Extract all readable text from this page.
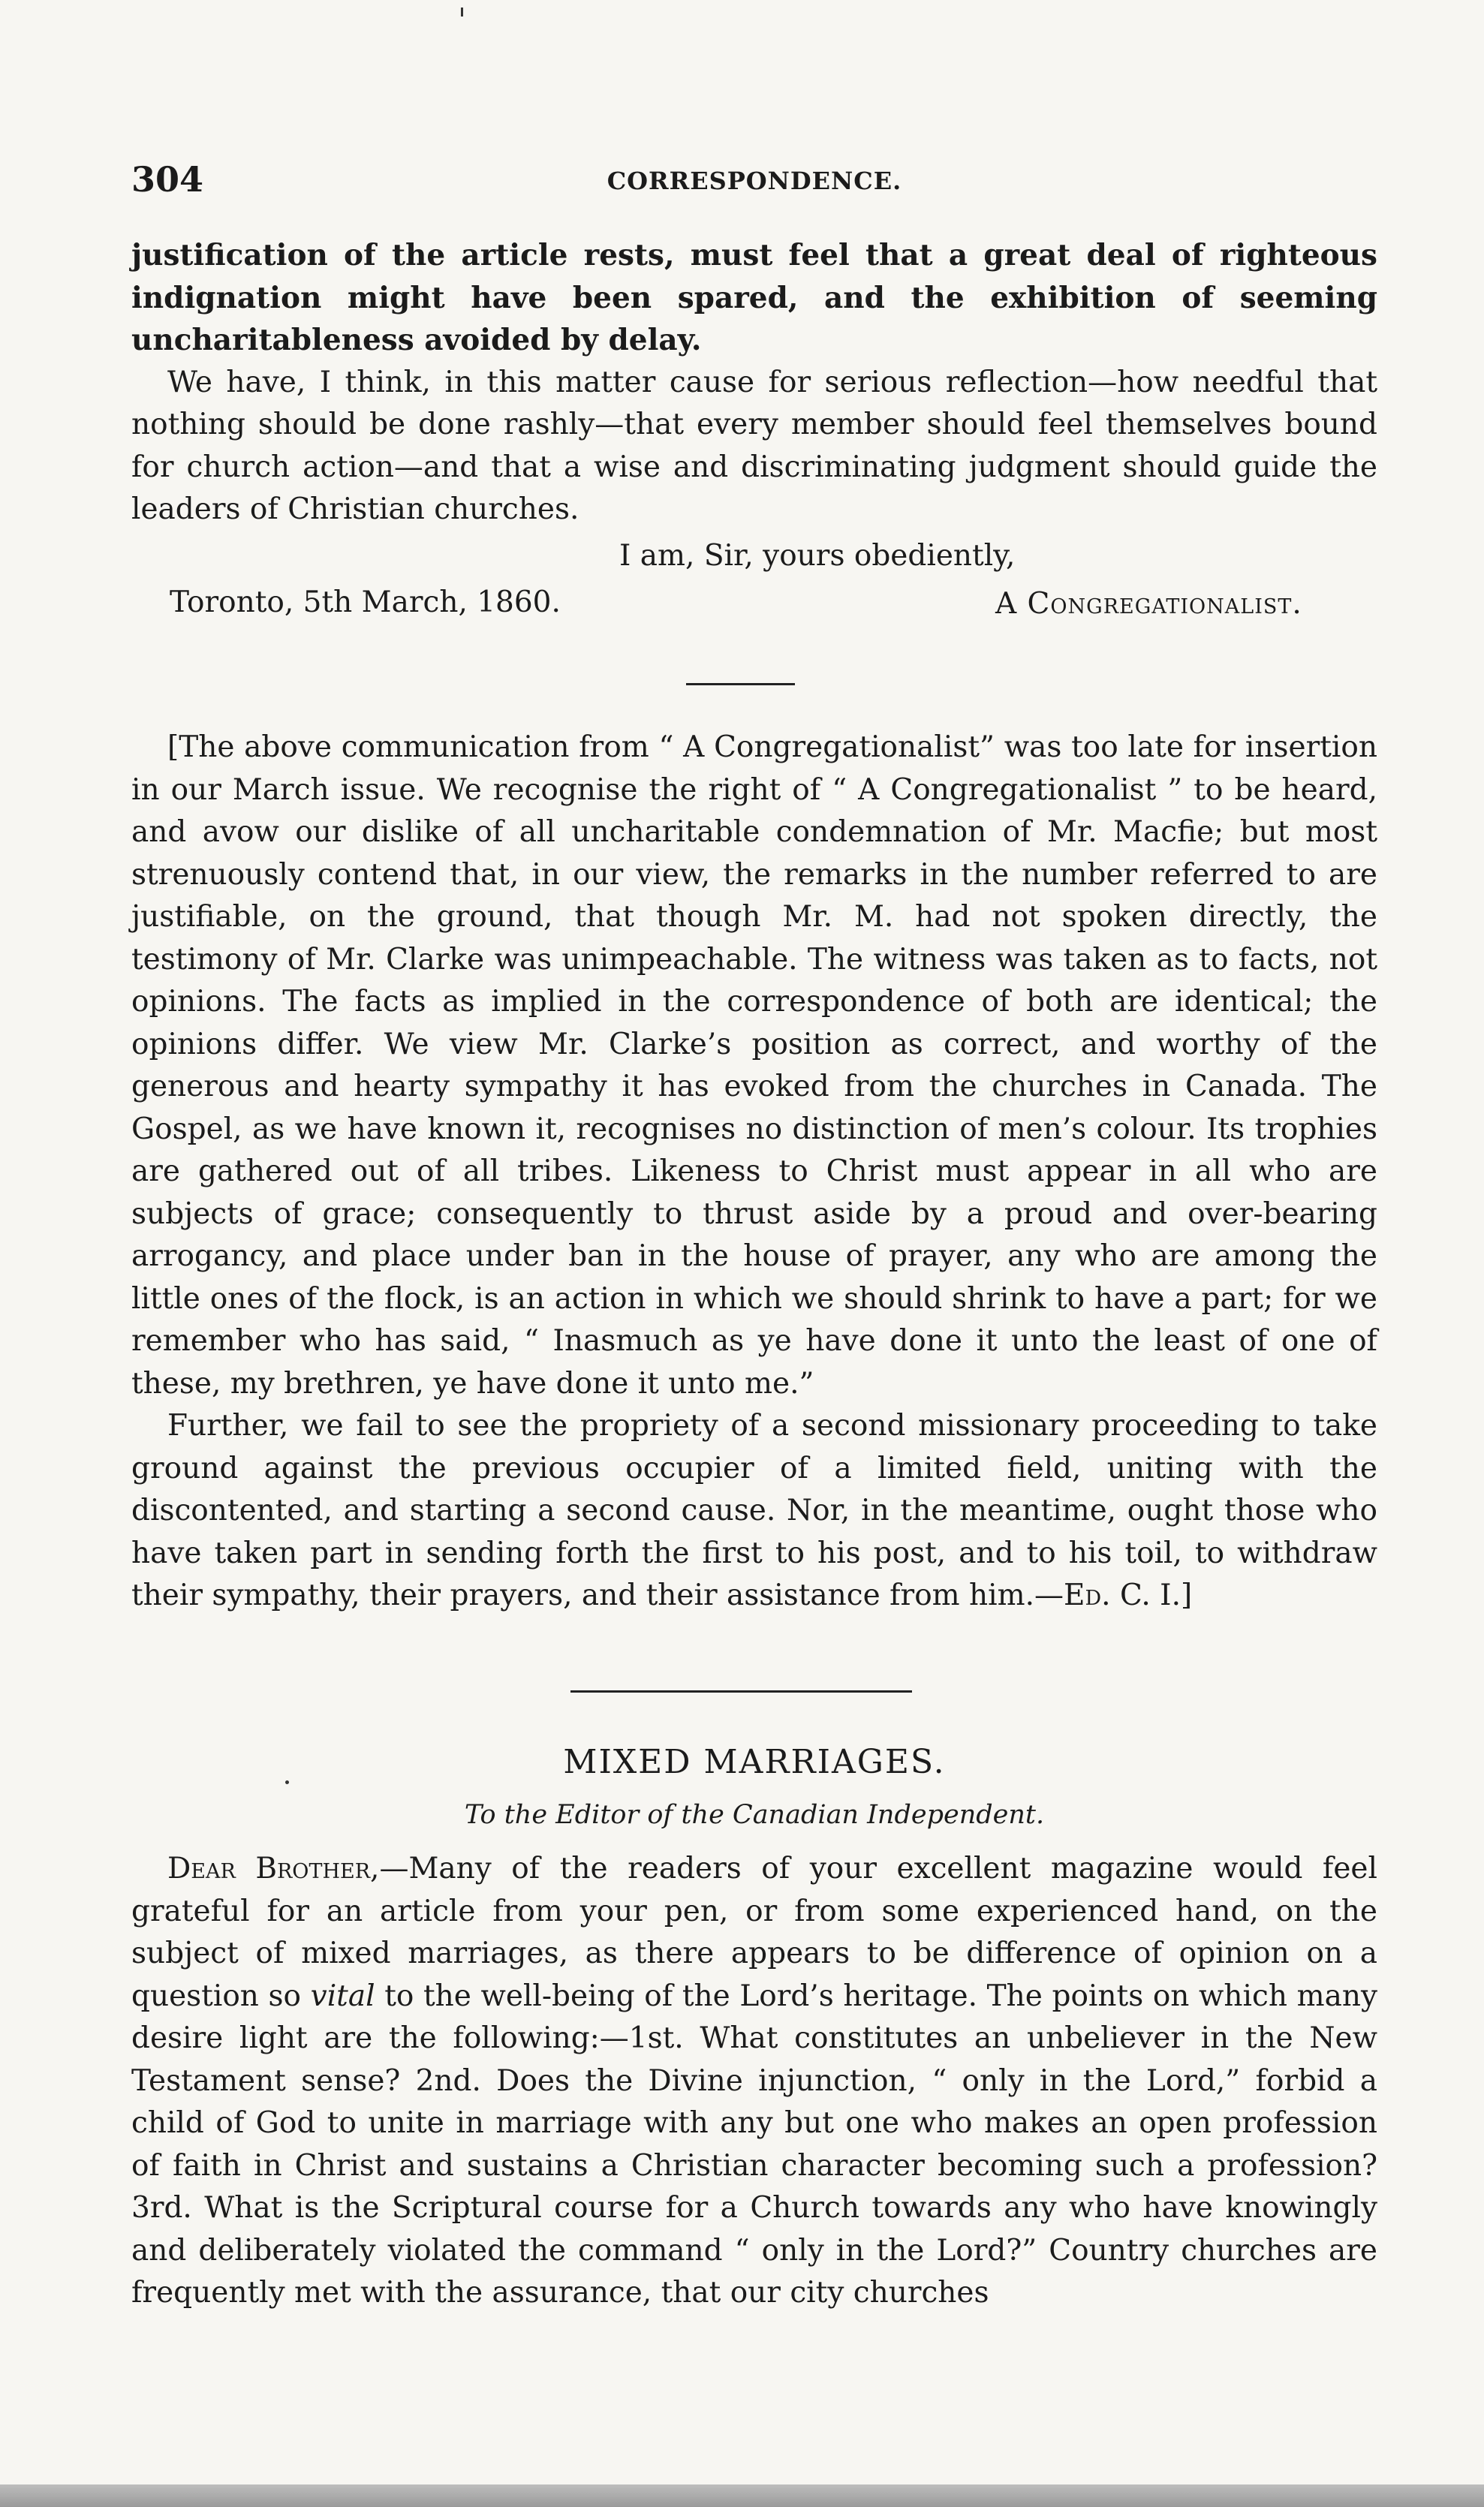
304	CORRESPONDENCE.

justification of the article rests, must feel that a great deal of righteous indignation might have been spared, and the exhibition of seeming uncharitableness avoided by delay.

We have, I think, in this matter cause for serious reflection—how needful that nothing should be done rashly—that every member should feel themselves bound for church action—and that a wise and discriminating judgment should guide the leaders of Christian churches.

I am, Sir, yours obediently,
Toronto, 5th March, 1860.	A Congregationalist.

[The above communication from “ A Congregationalist” was too late for insertion in our March issue. We recognise the right of “ A Congregationalist ” to be heard, and avow our dislike of all uncharitable condemnation of Mr. Macfie; but most strenuously contend that, in our view, the remarks in the number referred to are justifiable, on the ground, that though Mr. M. had not spoken directly, the testimony of Mr. Clarke was unimpeachable. The witness was taken as to facts, not opinions. The facts as implied in the correspondence of both are identical; the opinions differ. We view Mr. Clarke’s position as correct, and worthy of the generous and hearty sympathy it has evoked from the churches in Canada. The Gospel, as we have known it, recognises no distinction of men’s colour. Its trophies are gathered out of all tribes. Likeness to Christ must appear in all who are subjects of grace; consequently to thrust aside by a proud and over-bearing arrogancy, and place under ban in the house of prayer, any who are among the little ones of the flock, is an action in which we should shrink to have a part; for we remember who has said, “ Inasmuch as ye have done it unto the least of one of these, my brethren, ye have done it unto me.”

Further, we fail to see the propriety of a second missionary proceeding to take ground against the previous occupier of a limited field, uniting with the discontented, and starting a second cause. Nor, in the meantime, ought those who have taken part in sending forth the first to his post, and to his toil, to withdraw their sympathy, their prayers, and their assistance from him.—Ed. C. I.]

MIXED MARRIAGES.
To the Editor of the Canadian Independent.

Dear Brother,—Many of the readers of your excellent magazine would feel grateful for an article from your pen, or from some experienced hand, on the subject of mixed marriages, as there appears to be difference of opinion on a question so vital to the well-being of the Lord’s heritage. The points on which many desire light are the following:—1st. What constitutes an unbeliever in the New Testament sense? 2nd. Does the Divine injunction, “ only in the Lord,” forbid a child of God to unite in marriage with any but one who makes an open profession of faith in Christ and sustains a Christian character becoming such a profession? 3rd. What is the Scriptural course for a Church towards any who have knowingly and deliberately violated the command “ only in the Lord?” Country churches are frequently met with the assurance, that our city churches
